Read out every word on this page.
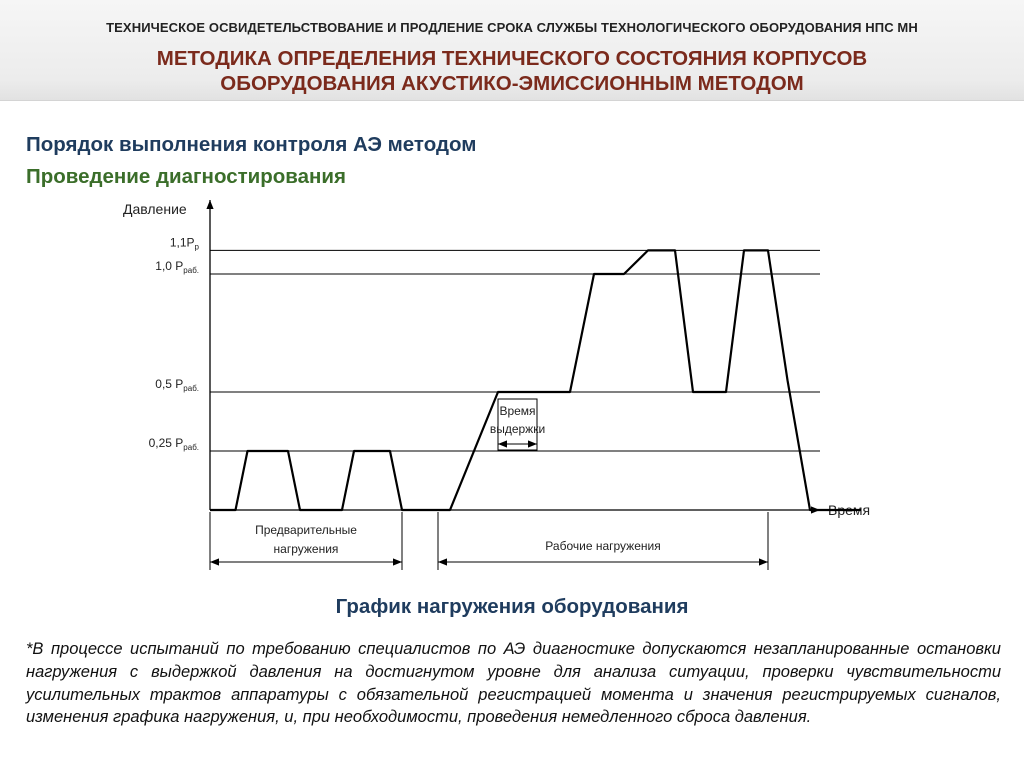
ТЕХНИЧЕСКОЕ ОСВИДЕТЕЛЬСТВОВАНИЕ И ПРОДЛЕНИЕ СРОКА СЛУЖБЫ ТЕХНОЛОГИЧЕСКОГО ОБОРУДОВАНИЯ НПС МН
МЕТОДИКА ОПРЕДЕЛЕНИЯ ТЕХНИЧЕСКОГО СОСТОЯНИЯ КОРПУСОВ
ОБОРУДОВАНИЯ АКУСТИКО-ЭМИССИОННЫМ МЕТОДОМ
Порядок выполнения контроля АЭ методом
Проведение диагностирования
0,25 $P_{раб.}$
0,5 $P_{раб.}$
1,0 $P_{раб.}$
$1,1P_р$
Давление
Время
Время
выдержки
Предварительные
нагружения	Рабочие нагружения
График нагружения оборудования
*В процессе испытаний по требованию специалистов по АЭ диагностике допускаются незапланированные остановки нагружения с выдержкой давления на достигнутом уровне для анализа ситуации, проверки чувствительности усилительных трактов аппаратуры с обязательной регистрацией момента и значения регистрируемых сигналов, изменения графика нагружения, и, при необходимости, проведения немедленного сброса давления.
